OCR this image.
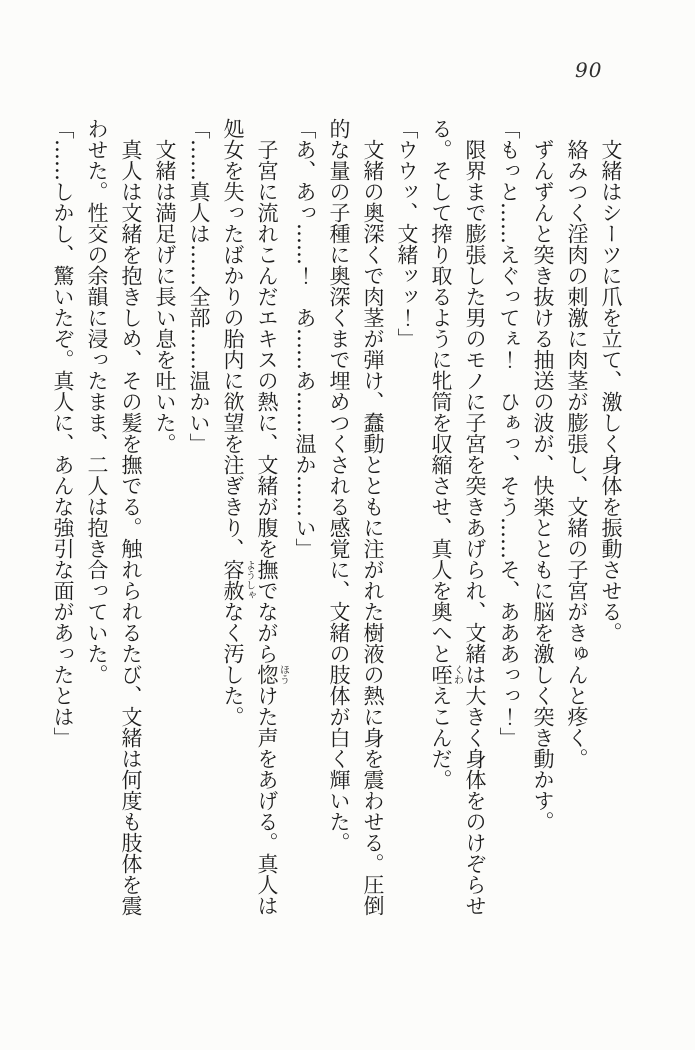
90

文緒はシーツに爪を立て、激しく身体を振動させる。

絡みつく淫肉の刺激に肉茎が膨張し、文緒の子宮がきゅんと疼く。

ずんずんと突き抜ける抽送の波が、快楽とともに脳を激しく突き動かす。

「もっと……えぐってぇ！　ひぁっ、そう……そ、あああっっ！」

限界まで膨張した男のモノに子宮を突きあげられ、文緒は大きく身体をのけぞらせる。そして搾り取るように牝筒を収縮させ、真人を奥へと咥くわえこんだ。

「ウウッ、文緒ッッ！」

文緒の奥深くで肉茎が弾け、蠢動とともに注がれた樹液の熱に身を震わせる。圧倒的な量の子種に奥深くまで埋めつくされる感覚に、文緒の肢体が白く輝いた。

「あ、あっ……！　あ……あ……温か……い」

子宮に流れこんだエキスの熱に、文緒が腹を撫でながら惚ほうけた声をあげる。真人は処女を失ったばかりの胎内に欲望を注ぎきり、容赦ようしゃなく汚した。

「……真人は……全部……温かい」

文緒は満足げに長い息を吐いた。

真人は文緒を抱きしめ、その髪を撫でる。触れられるたび、文緒は何度も肢体を震わせた。性交の余韻に浸ったまま、二人は抱き合っていた。

「……しかし、驚いたぞ。真人に、あんな強引な面があったとは」
